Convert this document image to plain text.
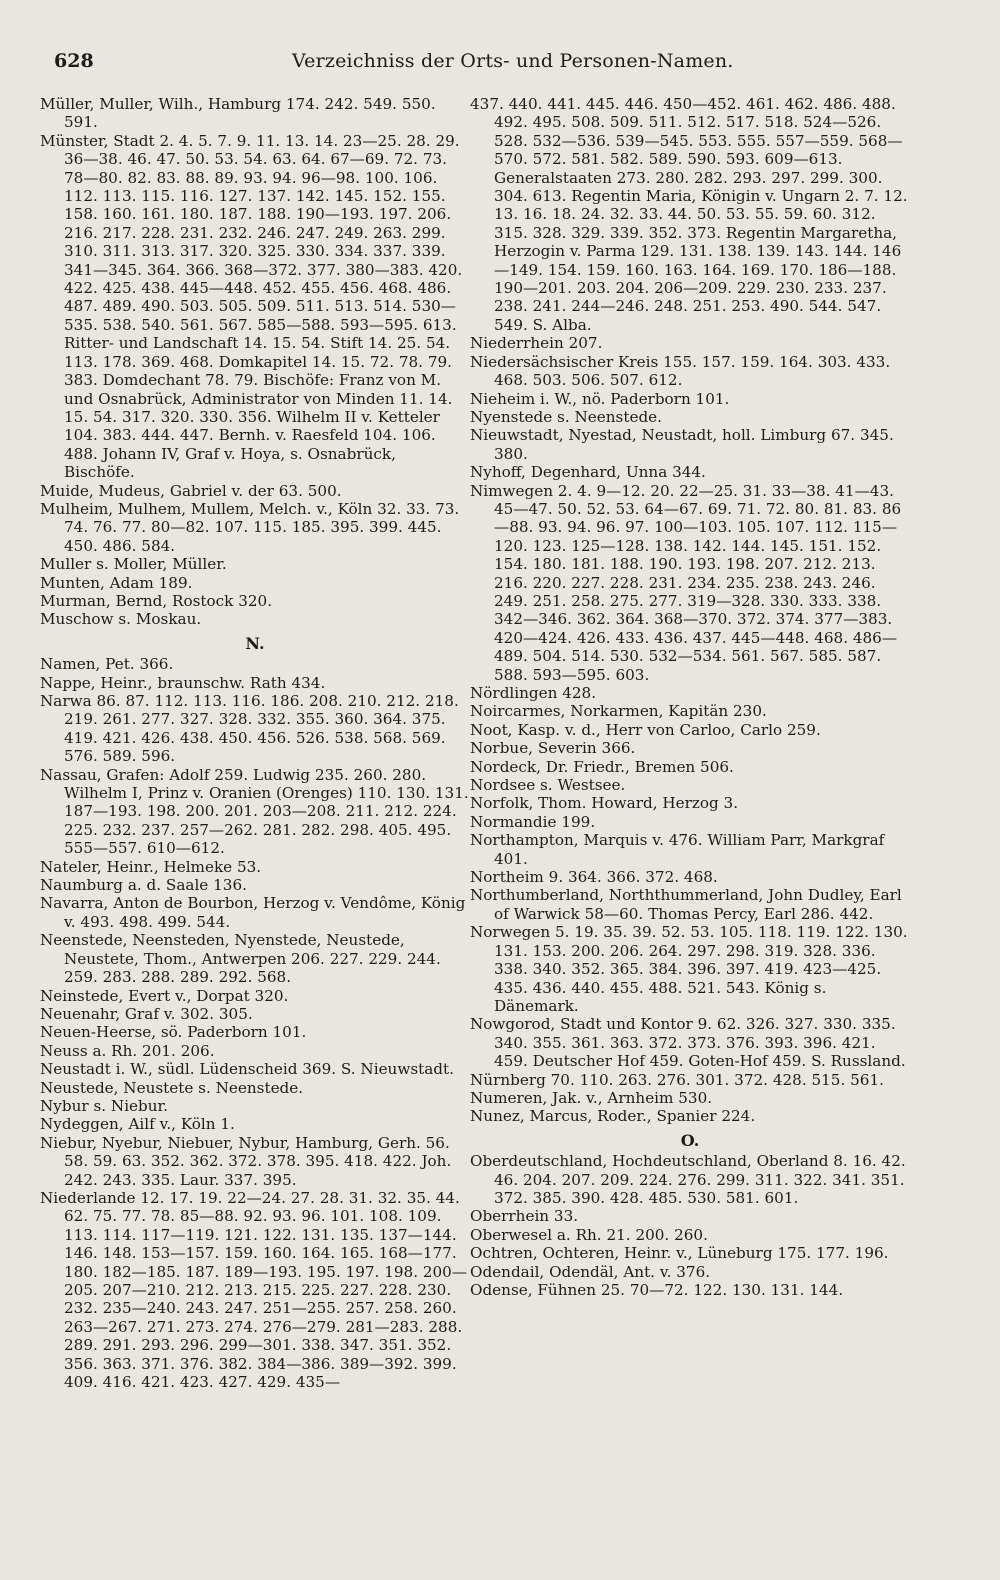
628	Verzeichniss der Orts- und Personen-Namen.
Müller, Muller, Wilh., Hamburg 174. 242. 549. 550. 591.
Münster, Stadt 2. 4. 5. 7. 9. 11. 13. 14. 23—25. 28. 29. 36—38. 46. 47. 50. 53. 54. 63. 64. 67—69. 72. 73. 78—80. 82. 83. 88. 89. 93. 94. 96—98. 100. 106. 112. 113. 115. 116. 127. 137. 142. 145. 152. 155. 158. 160. 161. 180. 187. 188. 190—193. 197. 206. 216. 217. 228. 231. 232. 246. 247. 249. 263. 299. 310. 311. 313. 317. 320. 325. 330. 334. 337. 339. 341—345. 364. 366. 368—372. 377. 380—383. 420. 422. 425. 438. 445—448. 452. 455. 456. 468. 486. 487. 489. 490. 503. 505. 509. 511. 513. 514. 530—535. 538. 540. 561. 567. 585—588. 593—595. 613. Ritter- und Landschaft 14. 15. 54. Stift 14. 25. 54. 113. 178. 369. 468. Domkapitel 14. 15. 72. 78. 79. 383. Domdechant 78. 79. Bischöfe: Franz von M. und Osnabrück, Administrator von Minden 11. 14. 15. 54. 317. 320. 330. 356. Wilhelm II v. Ketteler 104. 383. 444. 447. Bernh. v. Raesfeld 104. 106. 488. Johann IV, Graf v. Hoya, s. Osnabrück, Bischöfe.
Muide, Mudeus, Gabriel v. der 63. 500.
Mulheim, Mulhem, Mullem, Melch. v., Köln 32. 33. 73. 74. 76. 77. 80—82. 107. 115. 185. 395. 399. 445. 450. 486. 584.
Muller s. Moller, Müller.
Munten, Adam 189.
Murman, Bernd, Rostock 320.
Muschow s. Moskau.
N.
Namen, Pet. 366.
Nappe, Heinr., braunschw. Rath 434.
Narwa 86. 87. 112. 113. 116. 186. 208. 210. 212. 218. 219. 261. 277. 327. 328. 332. 355. 360. 364. 375. 419. 421. 426. 438. 450. 456. 526. 538. 568. 569. 576. 589. 596.
Nassau, Grafen: Adolf 259. Ludwig 235. 260. 280. Wilhelm I, Prinz v. Oranien (Orenges) 110. 130. 131. 187—193. 198. 200. 201. 203—208. 211. 212. 224. 225. 232. 237. 257—262. 281. 282. 298. 405. 495. 555—557. 610—612.
Nateler, Heinr., Helmeke 53.
Naumburg a. d. Saale 136.
Navarra, Anton de Bourbon, Herzog v. Vendôme, König v. 493. 498. 499. 544.
Neenstede, Neensteden, Nyenstede, Neustede, Neustete, Thom., Antwerpen 206. 227. 229. 244. 259. 283. 288. 289. 292. 568.
Neinstede, Evert v., Dorpat 320.
Neuenahr, Graf v. 302. 305.
Neuen-Heerse, sö. Paderborn 101.
Neuss a. Rh. 201. 206.
Neustadt i. W., südl. Lüdenscheid 369. S. Nieuwstadt.
Neustede, Neustete s. Neenstede.
Nybur s. Niebur.
Nydeggen, Ailf v., Köln 1.
Niebur, Nyebur, Niebuer, Nybur, Hamburg, Gerh. 56. 58. 59. 63. 352. 362. 372. 378. 395. 418. 422. Joh. 242. 243. 335. Laur. 337. 395.
Niederlande 12. 17. 19. 22—24. 27. 28. 31. 32. 35. 44. 62. 75. 77. 78. 85—88. 92. 93. 96. 101. 108. 109. 113. 114. 117—119. 121. 122. 131. 135. 137—144. 146. 148. 153—157. 159. 160. 164. 165. 168—177. 180. 182—185. 187. 189—193. 195. 197. 198. 200—205. 207—210. 212. 213. 215. 225. 227. 228. 230. 232. 235—240. 243. 247. 251—255. 257. 258. 260. 263—267. 271. 273. 274. 276—279. 281—283. 288. 289. 291. 293. 296. 299—301. 338. 347. 351. 352. 356. 363. 371. 376. 382. 384—386. 389—392. 399. 409. 416. 421. 423. 427. 429. 435—
437. 440. 441. 445. 446. 450—452. 461. 462. 486. 488. 492. 495. 508. 509. 511. 512. 517. 518. 524—526. 528. 532—536. 539—545. 553. 555. 557—559. 568—570. 572. 581. 582. 589. 590. 593. 609—613. Generalstaaten 273. 280. 282. 293. 297. 299. 300. 304. 613. Regentin Maria, Königin v. Ungarn 2. 7. 12. 13. 16. 18. 24. 32. 33. 44. 50. 53. 55. 59. 60. 312. 315. 328. 329. 339. 352. 373. Regentin Margaretha, Herzogin v. Parma 129. 131. 138. 139. 143. 144. 146—149. 154. 159. 160. 163. 164. 169. 170. 186—188. 190—201. 203. 204. 206—209. 229. 230. 233. 237. 238. 241. 244—246. 248. 251. 253. 490. 544. 547. 549. S. Alba.
Niederrhein 207.
Niedersächsischer Kreis 155. 157. 159. 164. 303. 433. 468. 503. 506. 507. 612.
Nieheim i. W., nö. Paderborn 101.
Nyenstede s. Neenstede.
Nieuwstadt, Nyestad, Neustadt, holl. Limburg 67. 345. 380.
Nyhoff, Degenhard, Unna 344.
Nimwegen 2. 4. 9—12. 20. 22—25. 31. 33—38. 41—43. 45—47. 50. 52. 53. 64—67. 69. 71. 72. 80. 81. 83. 86—88. 93. 94. 96. 97. 100—103. 105. 107. 112. 115—120. 123. 125—128. 138. 142. 144. 145. 151. 152. 154. 180. 181. 188. 190. 193. 198. 207. 212. 213. 216. 220. 227. 228. 231. 234. 235. 238. 243. 246. 249. 251. 258. 275. 277. 319—328. 330. 333. 338. 342—346. 362. 364. 368—370. 372. 374. 377—383. 420—424. 426. 433. 436. 437. 445—448. 468. 486—489. 504. 514. 530. 532—534. 561. 567. 585. 587. 588. 593—595. 603.
Nördlingen 428.
Noircarmes, Norkarmen, Kapitän 230.
Noot, Kasp. v. d., Herr von Carloo, Carlo 259.
Norbue, Severin 366.
Nordeck, Dr. Friedr., Bremen 506.
Nordsee s. Westsee.
Norfolk, Thom. Howard, Herzog 3.
Normandie 199.
Northampton, Marquis v. 476. William Parr, Markgraf 401.
Northeim 9. 364. 366. 372. 468.
Northumberland, Norththummerland, John Dudley, Earl of Warwick 58—60. Thomas Percy, Earl 286. 442.
Norwegen 5. 19. 35. 39. 52. 53. 105. 118. 119. 122. 130. 131. 153. 200. 206. 264. 297. 298. 319. 328. 336. 338. 340. 352. 365. 384. 396. 397. 419. 423—425. 435. 436. 440. 455. 488. 521. 543. König s. Dänemark.
Nowgorod, Stadt und Kontor 9. 62. 326. 327. 330. 335. 340. 355. 361. 363. 372. 373. 376. 393. 396. 421. 459. Deutscher Hof 459. Goten-Hof 459. S. Russland.
Nürnberg 70. 110. 263. 276. 301. 372. 428. 515. 561.
Numeren, Jak. v., Arnheim 530.
Nunez, Marcus, Roder., Spanier 224.
O.
Oberdeutschland, Hochdeutschland, Oberland 8. 16. 42. 46. 204. 207. 209. 224. 276. 299. 311. 322. 341. 351. 372. 385. 390. 428. 485. 530. 581. 601.
Oberrhein 33.
Oberwesel a. Rh. 21. 200. 260.
Ochtren, Ochteren, Heinr. v., Lüneburg 175. 177. 196.
Odendail, Odendäl, Ant. v. 376.
Odense, Fühnen 25. 70—72. 122. 130. 131. 144.
